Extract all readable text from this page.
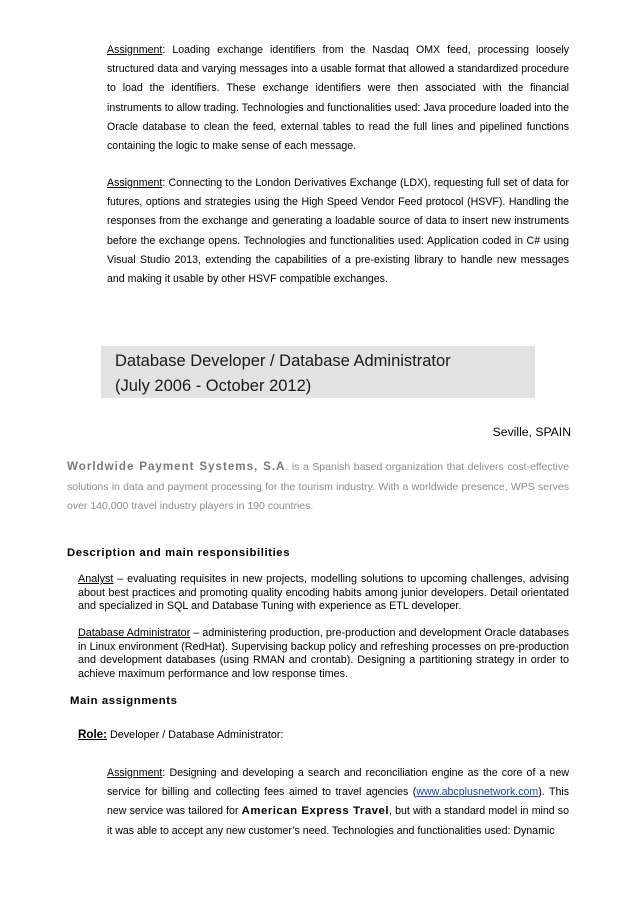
Assignment: Loading exchange identifiers from the Nasdaq OMX feed, processing loosely structured data and varying messages into a usable format that allowed a standardized procedure to load the identifiers. These exchange identifiers were then associated with the financial instruments to allow trading. Technologies and functionalities used: Java procedure loaded into the Oracle database to clean the feed, external tables to read the full lines and pipelined functions containing the logic to make sense of each message.
Assignment: Connecting to the London Derivatives Exchange (LDX), requesting full set of data for futures, options and strategies using the High Speed Vendor Feed protocol (HSVF). Handling the responses from the exchange and generating a loadable source of data to insert new instruments before the exchange opens. Technologies and functionalities used: Application coded in C# using Visual Studio 2013, extending the capabilities of a pre-existing library to handle new messages and making it usable by other HSVF compatible exchanges.
Database Developer / Database Administrator
(July 2006 - October 2012)
Seville, SPAIN
Worldwide Payment Systems, S.A. is a Spanish based organization that delivers cost-effective solutions in data and payment processing for the tourism industry. With a worldwide presence, WPS serves over 140,000 travel industry players in 190 countries.
Description and main responsibilities
Analyst – evaluating requisites in new projects, modelling solutions to upcoming challenges, advising about best practices and promoting quality encoding habits among junior developers. Detail orientated and specialized in SQL and Database Tuning with experience as ETL developer.
Database Administrator – administering production, pre-production and development Oracle databases in Linux environment (RedHat). Supervising backup policy and refreshing processes on pre-production and development databases (using RMAN and crontab). Designing a partitioning strategy in order to achieve maximum performance and low response times.
Main assignments
Role: Developer / Database Administrator:
Assignment: Designing and developing a search and reconciliation engine as the core of a new service for billing and collecting fees aimed to travel agencies (www.abcplusnetwork.com). This new service was tailored for American Express Travel, but with a standard model in mind so it was able to accept any new customer’s need. Technologies and functionalities used: Dynamic
